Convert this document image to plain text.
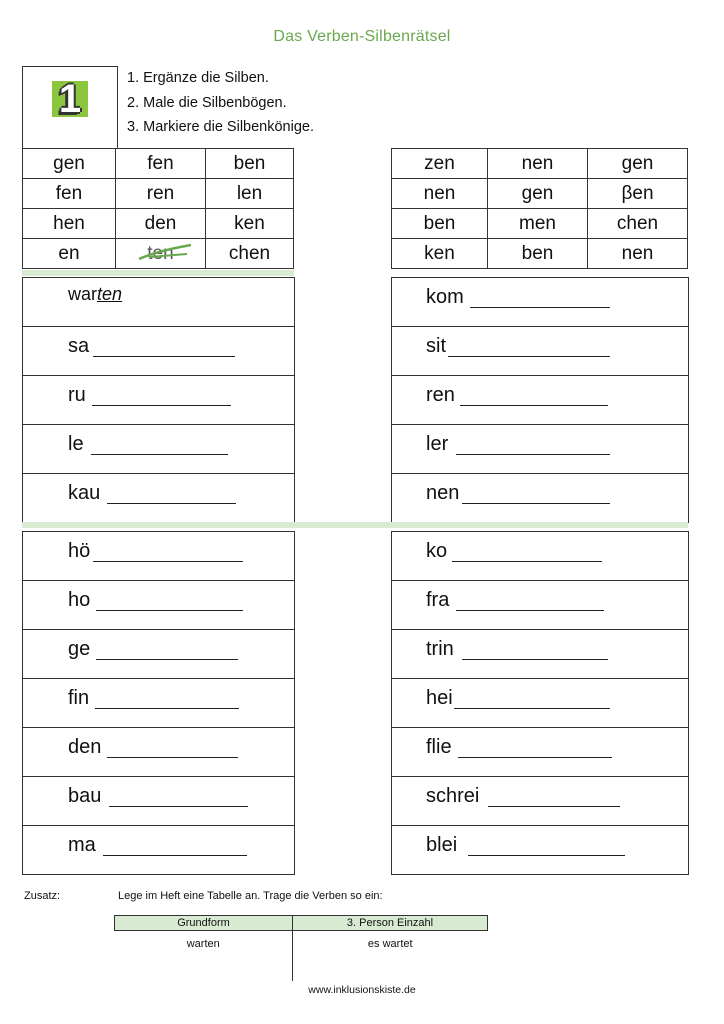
Das Verben-Silbenrätsel
1	1. Ergänze die Silben.
2. Male die Silbenbögen.
3. Markiere die Silbenkönige.
gen	fen	ben
fen	ren	len
hen	den	ken
en	ten	chen
zen	nen	gen
nen	gen	βen
ben	men	chen
ken	ben	nen
warten
sa
ru
le
kau
kom
sit
ren
ler
nen
hö
ho
ge
fin
den
bau
ma
ko
fra
trin
hei
flie
schrei
blei
Zusatz:	Lege im Heft eine Tabelle an. Trage die Verben so ein:
Grundform	3. Person Einzahl
warten	es wartet

www.inklusionskiste.de
